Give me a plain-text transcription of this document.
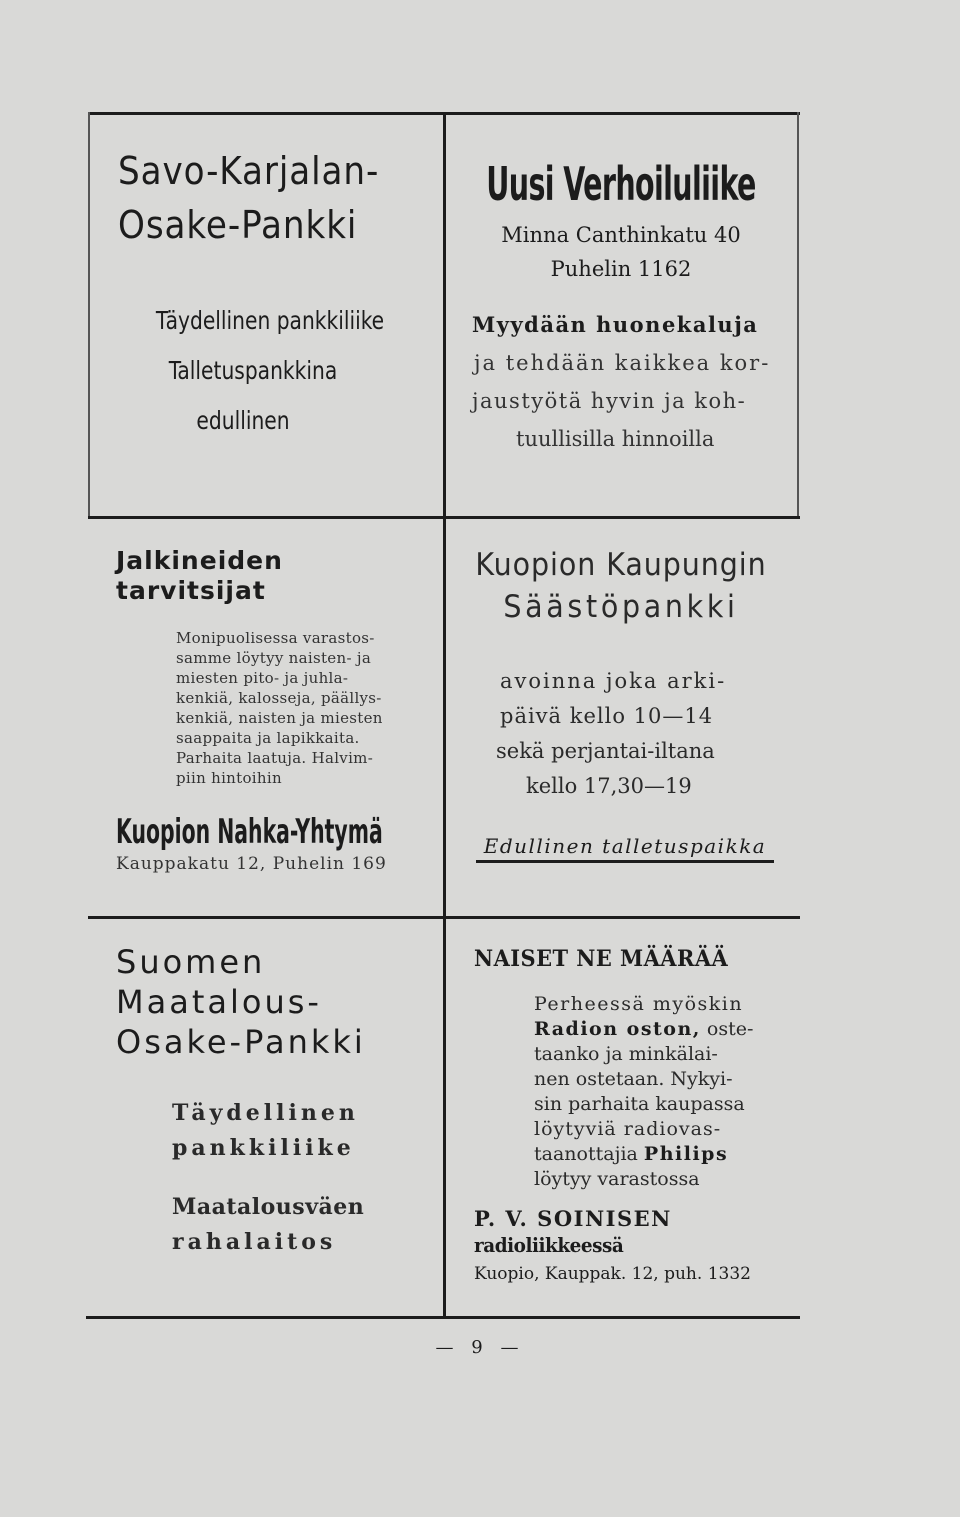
Savo-Karjalan-
Osake-Pankki
Täydellinen pankkiliike
Talletuspankkina
edullinen
Uusi Verhoiluliike
Minna Canthinkatu 40
Puhelin 1162
Myydään huonekaluja
ja tehdään kaikkea kor-
jaustyötä hyvin ja koh-
tuullisilla hinnoilla
Jalkineiden
tarvitsijat
Monipuolisessa varastos-
samme löytyy naisten- ja
miesten pito- ja juhla-
kenkiä, kalosseja, päällys-
kenkiä, naisten ja miesten
saappaita ja lapikkaita.
Parhaita laatuja. Halvim-
piin hintoihin
Kuopion Nahka-Yhtymä
Kauppakatu 12, Puhelin 169
Kuopion Kaupungin
Säästöpankki
avoinna joka arki-
päivä kello 10—14
sekä perjantai-iltana
kello 17,30—19
Edullinen talletuspaikka
Suomen
Maatalous-
Osake-Pankki
Täydellinen
pankkiliike
Maatalousväen
rahalaitos
NAISET NE MÄÄRÄÄ
Perheessä myöskin
Radion oston, oste-
taanko ja minkälai-
nen ostetaan. Nykyi-
sin parhaita kaupassa
löytyviä radiovas-
taanottajia Philips
löytyy varastossa
P. V. SOINISEN
radioliikkeessä
Kuopio, Kauppak. 12, puh. 1332
— 9 —
